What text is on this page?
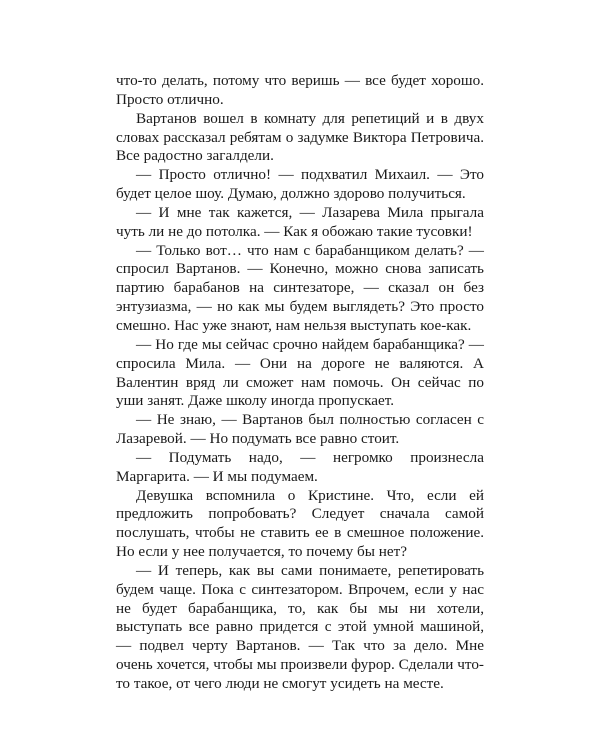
что-то делать, потому что веришь — все будет хорошо. Просто отлично.

Вартанов вошел в комнату для репетиций и в двух словах рассказал ребятам о задумке Виктора Петровича. Все радостно загалдели.

— Просто отлично! — подхватил Михаил. — Это будет целое шоу. Думаю, должно здорово получиться.

— И мне так кажется, — Лазарева Мила прыгала чуть ли не до потолка. — Как я обожаю такие тусовки!

— Только вот… что нам с барабанщиком делать? — спросил Вартанов. — Конечно, можно снова записать партию барабанов на синтезаторе, — сказал он без энтузиазма, — но как мы будем выглядеть? Это просто смешно. Нас уже знают, нам нельзя выступать кое-как.

— Но где мы сейчас срочно найдем барабанщика? — спросила Мила. — Они на дороге не валяются. А Валентин вряд ли сможет нам помочь. Он сейчас по уши занят. Даже школу иногда пропускает.

— Не знаю, — Вартанов был полностью согласен с Лазаревой. — Но подумать все равно стоит.

— Подумать надо, — негромко произнесла Маргарита. — И мы подумаем.

Девушка вспомнила о Кристине. Что, если ей предложить попробовать? Следует сначала самой послушать, чтобы не ставить ее в смешное положение. Но если у нее получается, то почему бы нет?

— И теперь, как вы сами понимаете, репетировать будем чаще. Пока с синтезатором. Впрочем, если у нас не будет барабанщика, то, как бы мы ни хотели, выступать все равно придется с этой умной машиной, — подвел черту Вартанов. — Так что за дело. Мне очень хочется, чтобы мы произвели фурор. Сделали что-то такое, от чего люди не смогут усидеть на месте.
